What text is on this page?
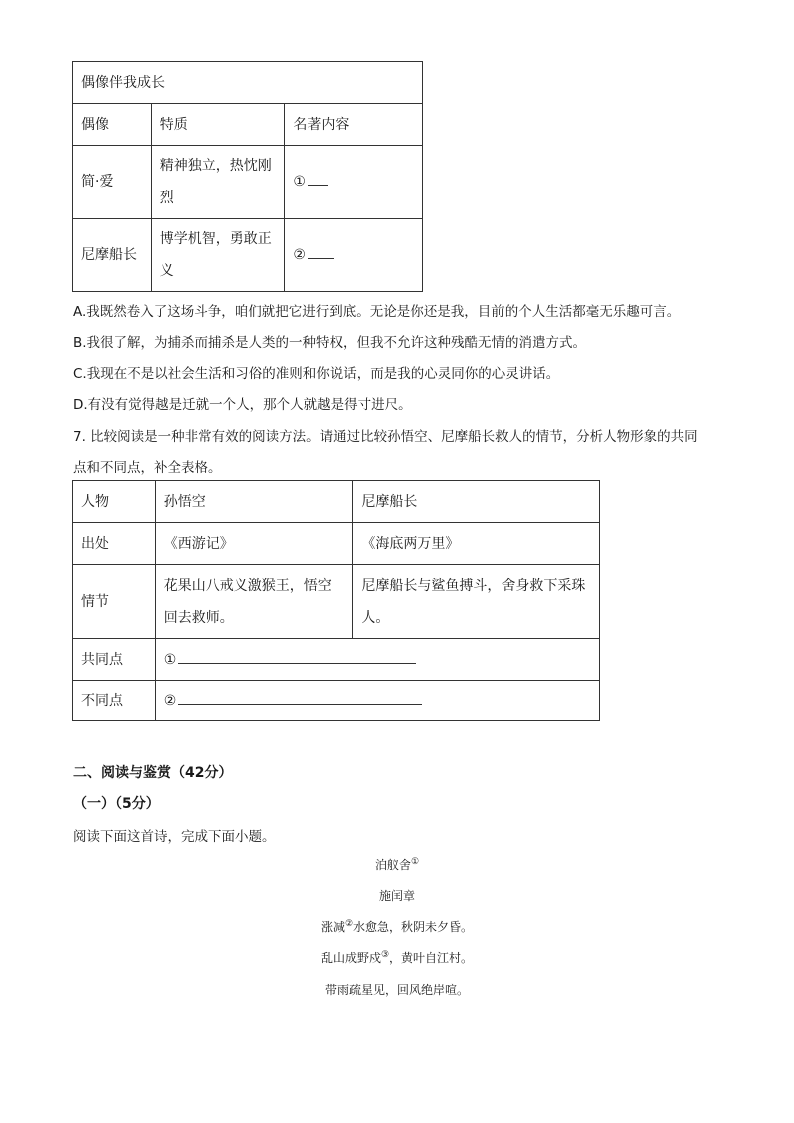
偶像伴我成长		
偶像	特质	名著内容
简·爱	精神独立，热忱刚烈	①
尼摩船长	博学机智，勇敢正义	②
A.我既然卷入了这场斗争，咱们就把它进行到底。无论是你还是我，目前的个人生活都毫无乐趣可言。
B.我很了解，为捕杀而捕杀是人类的一种特权，但我不允许这种残酷无情的消遣方式。
C.我现在不是以社会生活和习俗的准则和你说话，而是我的心灵同你的心灵讲话。
D.有没有觉得越是迁就一个人，那个人就越是得寸进尺。
7. 比较阅读是一种非常有效的阅读方法。请通过比较孙悟空、尼摩船长救人的情节，分析人物形象的共同
点和不同点，补全表格。
人物	孙悟空	尼摩船长
出处	《西游记》	《海底两万里》
情节	花果山八戒义激猴王，悟空回去救师。	尼摩船长与鲨鱼搏斗，舍身救下采珠人。
共同点	①	
不同点	②	
二、阅读与鉴赏（42分）
（一）（5分）
阅读下面这首诗，完成下面小题。
泊舣舍①
施闰章
涨减②水愈急，秋阴未夕昏。
乱山成野戍③，黄叶自江村。
带雨疏星见，回风绝岸喧。
